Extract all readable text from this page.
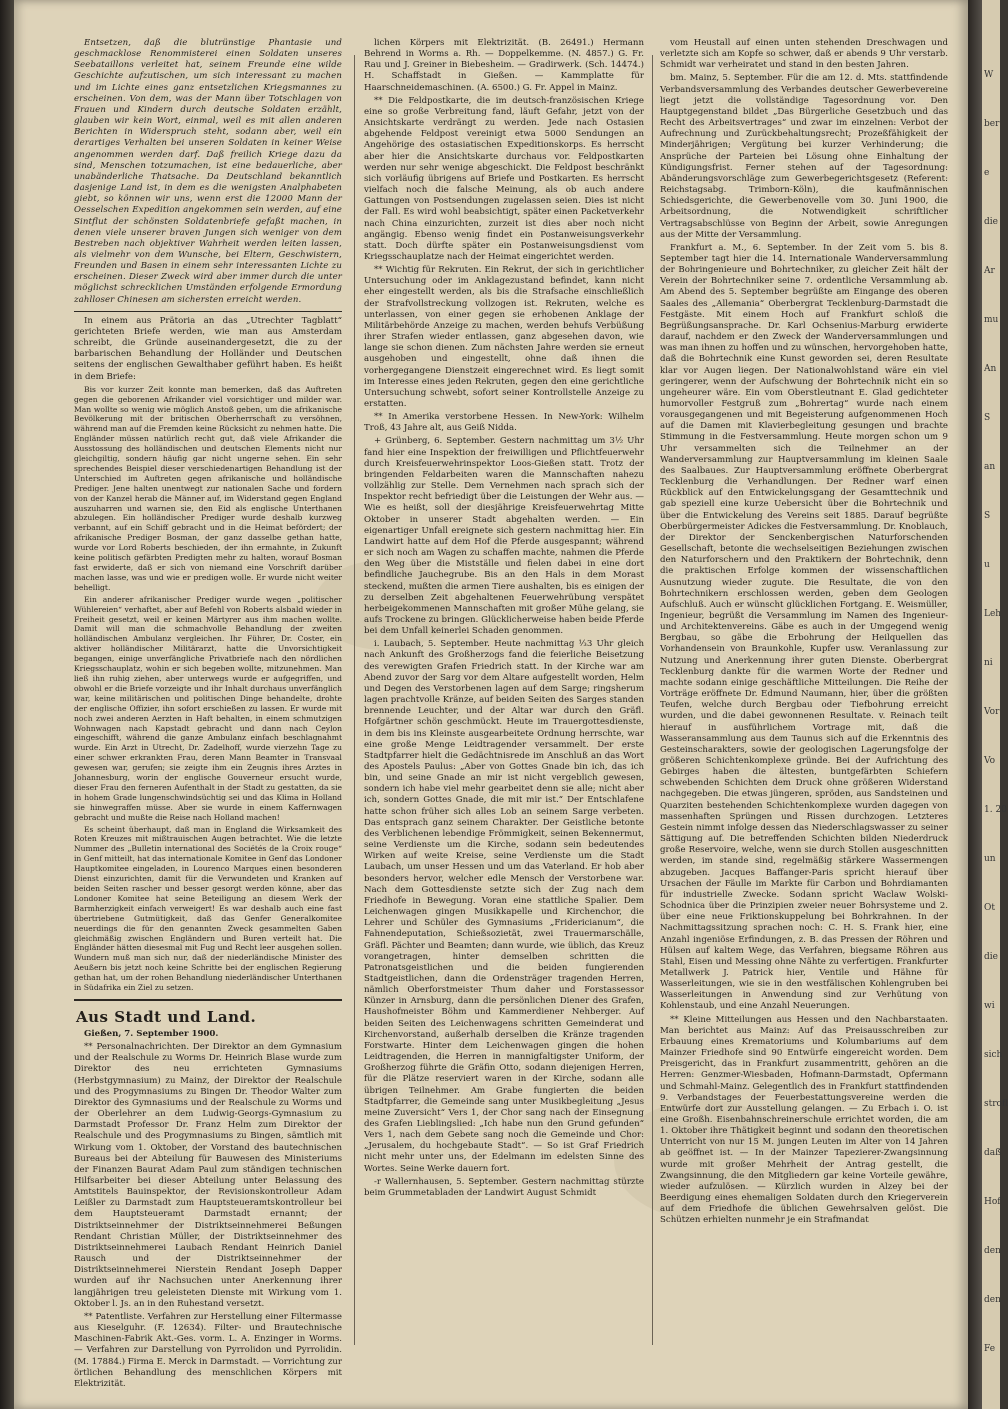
Entsetzen, daß die blutrünstige Phantasie und geschmacklose Renommisterei einen Soldaten unseres Seebataillons verleitet hat, seinem Freunde eine wilde Geschichte aufzutischen, um sich interessant zu machen und im Lichte eines ganz entsetzlichen Kriegsmannes zu erscheinen. Von dem, was der Mann über Totschlagen von Frauen und Kindern durch deutsche Soldaten erzählt, glauben wir kein Wort, einmal, weil es mit allen anderen Berichten in Widerspruch steht, sodann aber, weil ein derartiges Verhalten bei unseren Soldaten in keiner Weise angenommen werden darf. Daß freilich Kriege dazu da sind, Menschen totzumachen, ist eine bedauerliche, aber unabänderliche Thatsache. Da Deutschland bekanntlich dasjenige Land ist, in dem es die wenigsten Analphabeten giebt, so können wir uns, wenn erst die 12000 Mann der Oesselschen Expedition angekommen sein werden, auf eine Sintflut der schönsten Soldatenbriefe gefaßt machen, in denen viele unserer braven Jungen sich weniger von dem Bestreben nach objektiver Wahrheit werden leiten lassen, als vielmehr von dem Wunsche, bei Eltern, Geschwistern, Freunden und Basen in einem sehr interessanten Lichte zu erscheinen. Dieser Zweck wird aber immer durch die unter möglichst schrecklichen Umständen erfolgende Ermordung zahlloser Chinesen am sichersten erreicht werden.

In einem aus Prätoria an das „Utrechter Tagblatt“ gerichteten Briefe werden, wie man aus Amsterdam schreibt, die Gründe auseinandergesetzt, die zu der barbarischen Behandlung der Holländer und Deutschen seitens der englischen Gewalthaber geführt haben. Es heißt in dem Briefe:

Bis vor kurzer Zeit konnte man bemerken, daß das Auftreten gegen die geborenen Afrikander viel vorsichtiger und milder war. Man wollte so wenig wie möglich Anstoß geben, um die afrikanische Bevölkerung mit der britischen Oberherrschaft zu versöhnen, während man auf die Fremden keine Rücksicht zu nehmen hatte. Die Engländer müssen natürlich recht gut, daß viele Afrikander die Ausstossung des holländischen und deutschen Elements nicht nur gleichgiltig, sondern häufig gar nicht ungerne sehen. Ein sehr sprechendes Beispiel dieser verschiedenartigen Behandlung ist der Unterschied im Auftreten gegen afrikanische und holländische Prediger. Jene halten unentwegt zur nationalen Sache und fordern von der Kanzel herab die Männer auf, im Widerstand gegen England auszuharren und warnen sie, den Eid als englische Unterthanen abzulegen. Ein holländischer Prediger wurde deshalb kurzweg verbannt, auf ein Schiff gebracht und in die Heimat befördert; der afrikanische Prediger Bosman, der ganz dasselbe gethan hatte, wurde vor Lord Roberts beschieden, der ihn ermahnte, in Zukunft keine politisch gefärbten Predigten mehr zu halten, worauf Bosman fast erwiderte, daß er sich von niemand eine Vorschrift darüber machen lasse, was und wie er predigen wolle. Er wurde nicht weiter behelligt.

Ein anderer afrikanischer Prediger wurde wegen „politischer Wühlereien“ verhaftet, aber auf Befehl von Roberts alsbald wieder in Freiheit gesetzt, weil er keinen Märtyrer aus ihm machen wollte. Damit will man die schmachvolle Behandlung der zweiten holländischen Ambulanz vergleichen. Ihr Führer, Dr. Coster, ein aktiver holländischer Militärarzt, hatte die Unvorsichtigkeit begangen, einige unverfängliche Privatbriefe nach den nördlichen Kriegsschauplatz, wohin er sich begeben wollte, mitzunehmen. Man ließ ihn ruhig ziehen, aber unterwegs wurde er aufgegriffen, und obwohl er die Briefe vorzeigte und ihr Inhalt durchaus unverfänglich war, keine militärischen und politischen Dinge behandelte, drohte der englische Offizier, ihn sofort erschießen zu lassen. Er wurde mit noch zwei anderen Aerzten in Haft behalten, in einem schmutzigen Wohnwagen nach Kapstadt gebracht und dann nach Ceylon eingeschifft, während die ganze Ambulanz einfach beschlagnahmt wurde. Ein Arzt in Utrecht, Dr. Zadelhoff, wurde vierzehn Tage zu einer schwer erkrankten Frau, deren Mann Beamter in Transvaal gewesen war, gerufen; sie zeigte ihm ein Zeugnis ihres Arztes in Johannesburg, worin der englische Gouverneur ersucht wurde, dieser Frau den ferneren Aufenthalt in der Stadt zu gestatten, da sie in hohem Grade lungenschwindsüchtig sei und das Klima in Holland sie hinwegraffen müsse. Aber sie wurde in einem Kaffernwagen gebracht und mußte die Reise nach Holland machen!

Es scheint überhaupt, daß man in England die Wirksamkeit des Roten Kreuzes mit mißtrauischen Augen betrachtet. Wie die letzte Nummer des „Bulletin international des Sociétés de la Croix rouge“ in Genf mitteilt, hat das internationale Komitee in Genf das Londoner Hauptkomitee eingeladen, in Lourenco Marques einen besonderen Dienst einzurichten, damit für die Verwundeten und Kranken auf beiden Seiten rascher und besser gesorgt werden könne, aber das Londoner Komitee hat seine Beteiligung an diesem Werk der Barmherzigkeit einfach verweigert! Es war deshalb auch eine fast übertriebene Gutmütigkeit, daß das Genfer Generalkomitee neuerdings die für den genannten Zweck gesammelten Gaben gleichmäßig zwischen Engländern und Buren verteilt hat. Die Engländer hätten diesesmal mit Fug und Recht leer ausgehen sollen. Wundern muß man sich nur, daß der niederländische Minister des Aeußern bis jetzt noch keine Schritte bei der englischen Regierung gethan hat, um der rohen Behandlung niederländischer Unterthanen in Südafrika ein Ziel zu setzen.

Aus Stadt und Land.
Gießen, 7. September 1900.

** Personalnachrichten. Der Direktor an dem Gymnasium und der Realschule zu Worms Dr. Heinrich Blase wurde zum Direktor des neu errichteten Gymnasiums (Herbstgymnasium) zu Mainz, der Direktor der Realschule und des Progymnasiums zu Bingen Dr. Theodor Walter zum Direktor des Gymnasiums und der Realschule zu Worms und der Oberlehrer an dem Ludwig-Georgs-Gymnasium zu Darmstadt Professor Dr. Franz Helm zum Direktor der Realschule und des Progymnasiums zu Bingen, sämtlich mit Wirkung vom 1. Oktober, der Vorstand des bautechnischen Bureaus bei der Abteilung für Bauwesen des Ministeriums der Finanzen Baurat Adam Paul zum ständigen technischen Hilfsarbeiter bei dieser Abteilung unter Belassung des Amtstitels Bauinspektor, der Revisionskontrolleur Adam Leißler zu Darmstadt zum Hauptsteueramtskontrolleur bei dem Hauptsteueramt Darmstadt ernannt; der Distriktseinnehmer der Distriktseinnehmerei Beßungen Rendant Christian Müller, der Distriktseinnehmer des Distriktseinnehmerei Laubach Rendant Heinrich Daniel Rausch und der Distriktseinnehmer der Distriktseinnehmerei Nierstein Rendant Joseph Dapper wurden auf ihr Nachsuchen unter Anerkennung ihrer langjährigen treu geleisteten Dienste mit Wirkung vom 1. Oktober l. Js. an in den Ruhestand versetzt.

** Patentliste. Verfahren zur Herstellung einer Filtermasse aus Kieselguhr. (F. 12634). Filter- und Brautechnische Maschinen-Fabrik Akt.-Ges. vorm. L. A. Enzinger in Worms. — Verfahren zur Darstellung von Pyrrolidon und Pyrrolidin. (M. 17884.) Firma E. Merck in Darmstadt. — Vorrichtung zur örtlichen Behandlung des menschlichen Körpers mit Elektrizität.

lichen Körpers mit Elektrizität. (B. 26491.) Hermann Behrend in Worms a. Rh. — Doppelkemme. (N. 4857.) G. Fr. Rau und J. Greiner in Biebesheim. — Gradirwerk. (Sch. 14474.) H. Schaffstadt in Gießen. — Kammplatte für Haarschneidemaschinen. (A. 6500.) G. Fr. Appel in Mainz.

** Die Feldpostkarte, die im deutsch-französischen Kriege eine so große Verbreitung fand, läuft Gefahr, jetzt von der Ansichtskarte verdrängt zu werden. Jede nach Ostasien abgehende Feldpost vereinigt etwa 5000 Sendungen an Angehörige des ostasiatischen Expeditionskorps. Es herrscht aber hier die Ansichtskarte durchaus vor. Feldpostkarten werden nur sehr wenige abgeschickt. Die Feldpost beschränkt sich vorläufig übrigens auf Briefe und Postkarten. Es herrscht vielfach noch die falsche Meinung, als ob auch andere Gattungen von Postsendungen zugelassen seien. Dies ist nicht der Fall. Es wird wohl beabsichtigt, später einen Packetverkehr nach China einzurichten, zurzeit ist dies aber noch nicht angängig. Ebenso wenig findet ein Postanweisungsverkehr statt. Doch dürfte später ein Postanweisungsdienst vom Kriegsschauplatze nach der Heimat eingerichtet werden.

** Wichtig für Rekruten. Ein Rekrut, der sich in gerichtlicher Untersuchung oder im Anklagezustand befindet, kann nicht eher eingestellt werden, als bis die Strafsache einschließlich der Strafvollstreckung vollzogen ist. Rekruten, welche es unterlassen, von einer gegen sie erhobenen Anklage der Militärbehörde Anzeige zu machen, werden behufs Verbüßung ihrer Strafen wieder entlassen, ganz abgesehen davon, wie lange sie schon dienen. Zum nächsten Jahre werden sie erneut ausgehoben und eingestellt, ohne daß ihnen die vorhergegangene Dienstzeit eingerechnet wird. Es liegt somit im Interesse eines jeden Rekruten, gegen den eine gerichtliche Untersuchung schwebt, sofort seiner Kontrollstelle Anzeige zu erstatten.

** In Amerika verstorbene Hessen. In New-York: Wilhelm Troß, 43 Jahre alt, aus Geiß Nidda.

+ Grünberg, 6. September. Gestern nachmittag um 3½ Uhr fand hier eine Inspektion der freiwilligen und Pflichtfeuerwehr durch Kreisfeuerwehrinspektor Loos-Gießen statt. Trotz der bringenden Feldarbeiten waren die Mannschaften nahezu vollzählig zur Stelle. Dem Vernehmen nach sprach sich der Inspektor recht befriedigt über die Leistungen der Wehr aus. — Wie es heißt, soll der diesjährige Kreisfeuerwehrtag Mitte Oktober in unserer Stadt abgehalten werden. — Ein eigenartiger Unfall ereignete sich gestern nachmittag hier. Ein Landwirt hatte auf dem Hof die Pferde ausgespannt; während er sich noch am Wagen zu schaffen machte, nahmen die Pferde den Weg über die Mistställe und fielen dabei in eine dort befindliche Jauchegrube. Bis an den Hals in dem Morast steckend, mußten die armen Tiere aushalten, bis es einigen der zu derselben Zeit abgehaltenen Feuerwehrübung verspätet herbeigekommenen Mannschaften mit großer Mühe gelang, sie aufs Trockene zu bringen. Glücklicherweise haben beide Pferde bei dem Unfall keinerlei Schaden genommen.

i. Laubach, 5. September. Heute nachmittag ⅓3 Uhr gleich nach Ankunft des Großherzogs fand die feierliche Beisetzung des verewigten Grafen Friedrich statt. In der Kirche war am Abend zuvor der Sarg vor dem Altare aufgestellt worden, Helm und Degen des Verstorbenen lagen auf dem Sarge; ringsherum lagen prachtvolle Kränze, auf beiden Seiten des Sarges standen brennende Leuchter, und der Altar war durch den Gräfl. Hofgärtner schön geschmückt. Heute im Trauergottesdienste, in dem bis ins Kleinste ausgearbeitete Ordnung herrschte, war eine große Menge Leidtragender versammelt. Der erste Stadtpfarrer hielt die Gedächtnisrede im Anschluß an das Wort des Apostels Paulus: „Aber von Gottes Gnade bin ich, das ich bin, und seine Gnade an mir ist nicht vergeblich gewesen, sondern ich habe viel mehr gearbeitet denn sie alle; nicht aber ich, sondern Gottes Gnade, die mit mir ist.“ Der Entschlafene hatte schon früher sich alles Lob an seinem Sarge verbeten. Das entsprach ganz seinem Charakter. Der Geistliche betonte des Verblichenen lebendige Frömmigkeit, seinen Bekennermut, seine Verdienste um die Kirche, sodann sein bedeutendes Wirken auf weite Kreise, seine Verdienste um die Stadt Laubach, um unser Hessen und um das Vaterland. Er hob aber besonders hervor, welcher edle Mensch der Verstorbene war. Nach dem Gottesdienste setzte sich der Zug nach dem Friedhofe in Bewegung. Voran eine stattliche Spalier. Dem Leichenwagen gingen Musikkapelle und Kirchenchor, die Lehrer und Schüler des Gymnasiums „Fridericianum“, die Fahnendeputation, Schießsozietät, zwei Trauermarschälle, Gräfl. Pächter und Beamten; dann wurde, wie üblich, das Kreuz vorangetragen, hinter demselben schritten die Patronatsgeistlichen und die beiden fungierenden Stadtgeistlichen, dann die Ordensträger tragenden Herren, nämlich Oberforstmeister Thum daher und Forstassessor Künzer in Arnsburg, dann die persönlichen Diener des Grafen, Haushofmeister Böhm und Kammerdiener Nehberger. Auf beiden Seiten des Leichenwagens schritten Gemeinderat und Kirchenvorstand, außerhalb derselben die Kränze tragenden Forstwarte. Hinter dem Leichenwagen gingen die hohen Leidtragenden, die Herren in mannigfaltigster Uniform, der Großherzog führte die Gräfin Otto, sodann diejenigen Herren, für die Plätze reserviert waren in der Kirche, sodann alle übrigen Teilnehmer. Am Grabe fungierten die beiden Stadtpfarrer, die Gemeinde sang unter Musikbegleitung „Jesus meine Zuversicht“ Vers 1, der Chor sang nach der Einsegnung des Grafen Lieblingslied: „Ich habe nun den Grund gefunden“ Vers 1, nach dem Gebete sang noch die Gemeinde und Chor: „Jerusalem, du hochgebaute Stadt“. — So ist Graf Friedrich nicht mehr unter uns, der Edelmann im edelsten Sinne des Wortes. Seine Werke dauern fort.

-r Wallernhausen, 5. September. Gestern nachmittag stürzte beim Grummetabladen der Landwirt August Schmidt

vom Heustall auf einen unten stehenden Dreschwagen und verletzte sich am Kopfe so schwer, daß er abends 9 Uhr verstarb. Schmidt war verheiratet und stand in den besten Jahren.

bm. Mainz, 5. September. Für die am 12. d. Mts. stattfindende Verbandsversammlung des Verbandes deutscher Gewerbevereine liegt jetzt die vollständige Tagesordnung vor. Den Hauptgegenstand bildet „Das Bürgerliche Gesetzbuch und das Recht des Arbeitsvertrages“ und zwar im einzelnen: Verbot der Aufrechnung und Zurückbehaltungsrecht; Prozeßfähigkeit der Minderjährigen; Vergütung bei kurzer Verhinderung; die Ansprüche der Parteien bei Lösung ohne Einhaltung der Kündigungsfrist. Ferner stehen auf der Tagesordnung: Abänderungsvorschläge zum Gewerbegerichtsgesetz (Referent: Reichstagsabg. Trimborn-Köln), die kaufmännischen Schiedsgerichte, die Gewerbenovelle vom 30. Juni 1900, die Arbeitsordnung, die Notwendigkeit schriftlicher Vertragsabschlüsse von Beginn der Arbeit, sowie Anregungen aus der Mitte der Versammlung.

Frankfurt a. M., 6. September. In der Zeit vom 5. bis 8. September tagt hier die 14. Internationale Wanderversammlung der Bohringenieure und Bohrtechniker, zu gleicher Zeit hält der Verein der Bohrtechniker seine 7. ordentliche Versammlung ab. Am Abend des 5. September begrüßte am Eingange des oberen Saales des „Allemania“ Oberbergrat Tecklenburg-Darmstadt die Festgäste. Mit einem Hoch auf Frankfurt schloß die Begrüßungsansprache. Dr. Karl Ochsenius-Marburg erwiderte darauf, nachdem er den Zweck der Wanderversammlungen und was man ihnen zu hoffen und zu wünschen, hervorgehoben hatte, daß die Bohrtechnik eine Kunst geworden sei, deren Resultate klar vor Augen liegen. Der Nationalwohlstand wäre ein viel geringerer, wenn der Aufschwung der Bohrtechnik nicht ein so ungeheurer wäre. Ein vom Oberstleutnant E. Glad gedichteter humorvoller Festgruß zum „Bohrertag“ wurde nach einem vorausgegangenen und mit Begeisterung aufgenommenen Hoch auf die Damen mit Klavierbegleitung gesungen und brachte Stimmung in die Festversammlung. Heute morgen schon um 9 Uhr versammelten sich die Teilnehmer an der Wanderversammlung zur Hauptversammlung im kleinen Saale des Saalbaues. Zur Hauptversammlung eröffnete Oberbergrat Tecklenburg die Verhandlungen. Der Redner warf einen Rückblick auf den Entwickelungsgang der Gesamttechnik und gab speziell eine kurze Uebersicht über die Bohrtechnik und über die Entwickelung des Vereins seit 1885. Darauf begrüßte Oberbürgermeister Adickes die Festversammlung. Dr. Knoblauch, der Direktor der Senckenbergischen Naturforschenden Gesellschaft, betonte die wechselseitigen Beziehungen zwischen den Naturforschern und den Praktikern der Bohrtechnik, denn die praktischen Erfolge kommen der wissenschaftlichen Ausnutzung wieder zugute. Die Resultate, die von den Bohrtechnikern erschlossen werden, geben dem Geologen Aufschluß. Auch er wünscht glücklichen Fortgang. E. Weismüller, Ingenieur, begrüßt die Versammlung im Namen des Ingenieur- und Architektenvereins. Gäbe es auch in der Umgegend wenig Bergbau, so gäbe die Erbohrung der Heilquellen das Vorhandensein von Braunkohle, Kupfer usw. Veranlassung zur Nutzung und Anerkennung ihrer guten Dienste. Oberbergrat Tecklenburg dankte für die warmen Worte der Redner und machte sodann einige geschäftliche Mitteilungen. Die Reihe der Vorträge eröffnete Dr. Edmund Naumann, hier, über die größten Teufen, welche durch Bergbau oder Tiefbohrung erreicht wurden, und die dabei gewonnenen Resultate. v. Reinach teilt hierauf in ausführlichem Vortrage mit, daß die Wasseransammlung aus dem Taunus sich auf die Erkenntnis des Gesteinscharakters, sowie der geologischen Lagerungsfolge der größeren Schichtenkomplexe gründe. Bei der Aufrichtung des Gebirges haben die ältesten, buntgefärbten Schiefern schwebenden Schichten dem Druck ohne größeren Widerstand nachgegeben. Die etwas jüngeren, spröden, aus Sandsteinen und Quarziten bestehenden Schichtenkomplexe wurden dagegen von massenhaften Sprüngen und Rissen durchzogen. Letzteres Gestein nimmt infolge dessen das Niederschlagswasser zu seiner Sättigung auf. Die betreffenden Schichten bilden Niederdruck große Reservoire, welche, wenn sie durch Stollen ausgeschnitten werden, im stande sind, regelmäßig stärkere Wassermengen abzugeben. Jacques Baffanger-Paris spricht hierauf über Ursachen der Fäulle im Markte für Carbon und Bohrdiamanten für industrielle Zwecke. Sodann spricht Waclaw Wolski-Schodnica über die Prinzipien zweier neuer Bohrsysteme und 2. über eine neue Friktionskuppelung bei Bohrkrahnen. In der Nachmittagssitzung sprachen noch: C. H. S. Frank hier, eine Anzahl ingeniöse Erfindungen, z. B. das Pressen der Röhren und Hülsen auf kaltem Wege, das Verfahren, biegsame Röhren aus Stahl, Eisen und Messing ohne Nähte zu verfertigen. Frankfurter Metallwerk J. Patrick hier, Ventile und Hähne für Wasserleitungen, wie sie in den westfälischen Kohlengruben bei Wasserleitungen in Anwendung sind zur Verhütung von Kohlenstaub, und eine Anzahl Neuerungen.

** Kleine Mitteilungen aus Hessen und den Nachbarstaaten. Man berichtet aus Mainz: Auf das Preisausschreiben zur Erbauung eines Krematoriums und Kolumbariums auf dem Mainzer Friedhofe sind 90 Entwürfe eingereicht worden. Dem Preisgericht, das in Frankfurt zusammentritt, gehören an die Herren: Genzmer-Wiesbaden, Hofmann-Darmstadt, Opfermann und Schmahl-Mainz. Gelegentlich des in Frankfurt stattfindenden 9. Verbandstages der Feuerbestattungsvereine werden die Entwürfe dort zur Ausstellung gelangen. — Zu Erbach i. O. ist eine Großh. Eisenbahnschreinerschule errichtet worden, die am 1. Oktober ihre Thätigkeit beginnt und sodann den theoretischen Unterricht von nur 15 M. jungen Leuten im Alter von 14 Jahren ab geöffnet ist. — In der Mainzer Tapezierer-Zwangsinnung wurde mit großer Mehrheit der Antrag gestellt, die Zwangsinnung, die den Mitgliedern gar keine Vorteile gewähre, wieder aufzulösen. — Kürzlich wurden in Alzey bei der Beerdigung eines ehemaligen Soldaten durch den Kriegerverein auf dem Friedhofe die üblichen Gewehrsalven gelöst. Die Schützen erhielten nunmehr je ein Strafmandat

W
ber
e
die
Ar
mu
An
S
an
S
u
Leh
ni
Vor
Vo
1. 20
un
Ot
die
wi
sich
strofl
daß
Hof
den
den
Fe
